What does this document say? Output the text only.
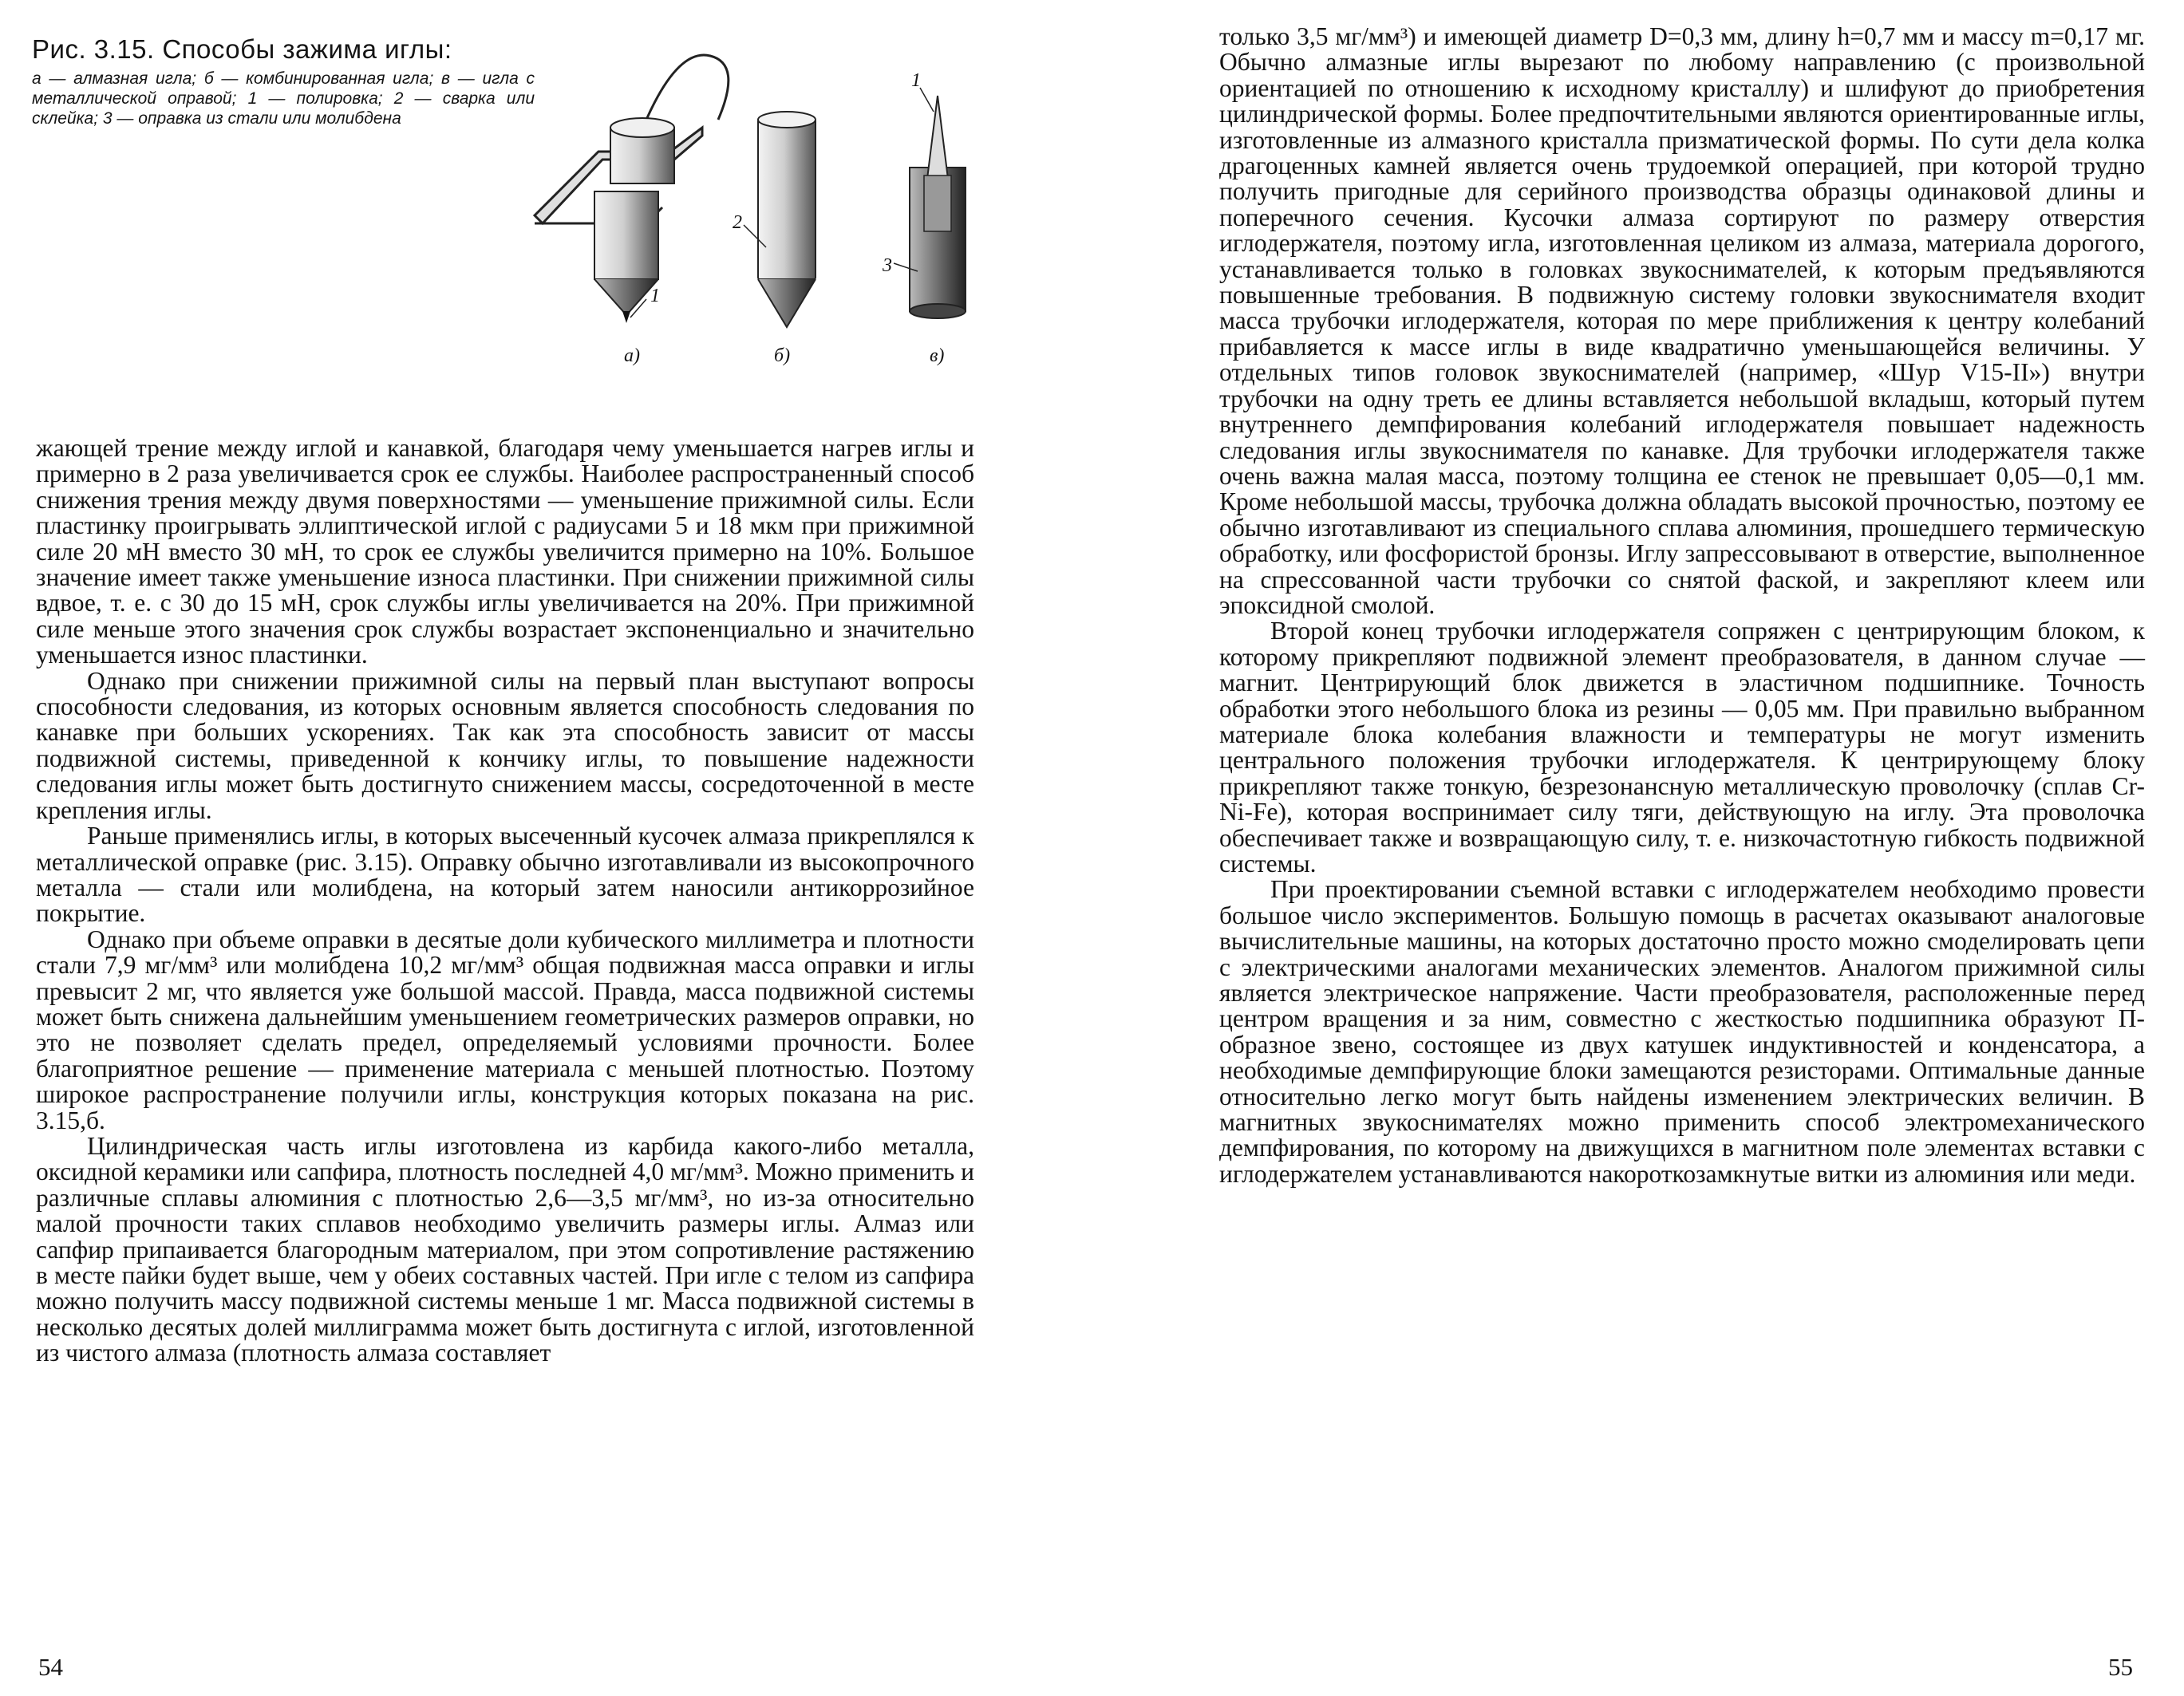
Рис. 3.15. Способы зажима иглы:
а — алмазная игла; б — комбинированная игла; в — игла с металлической оправой; 1 — полировка; 2 — сварка или склейка; 3 — оправка из стали или молибдена
а)	б)	в)
1
2
3
1

жающей трение между иглой и канавкой, благодаря чему уменьшается нагрев иглы и примерно в 2 раза увеличивается срок ее службы. Наиболее распространенный способ снижения трения между двумя поверхностями — уменьшение прижимной силы. Если пластинку проигрывать эллиптической иглой с радиусами 5 и 18 мкм при прижимной силе 20 мН вместо 30 мН, то срок ее службы увеличится примерно на 10%. Большое значение имеет также уменьшение износа пластинки. При снижении прижимной силы вдвое, т. е. с 30 до 15 мН, срок службы иглы увеличивается на 20%. При прижимной силе меньше этого значения срок службы возрастает экспоненциально и значительно уменьшается износ пластинки.

Однако при снижении прижимной силы на первый план выступают вопросы способности следования, из которых основным является способность следования по канавке при больших ускорениях. Так как эта способность зависит от массы подвижной системы, приведенной к кончику иглы, то повышение надежности следования иглы может быть достигнуто снижением массы, сосредоточенной в месте крепления иглы.

Раньше применялись иглы, в которых высеченный кусочек алмаза прикреплялся к металлической оправке (рис. 3.15). Оправку обычно изготавливали из высокопрочного металла — стали или молибдена, на который затем наносили антикоррозийное покрытие.

Однако при объеме оправки в десятые доли кубического миллиметра и плотности стали 7,9 мг/мм³ или молибдена 10,2 мг/мм³ общая подвижная масса оправки и иглы превысит 2 мг, что является уже большой массой. Правда, масса подвижной системы может быть снижена дальнейшим уменьшением геометрических размеров оправки, но это не позволяет сделать предел, определяемый условиями прочности. Более благоприятное решение — применение материала с меньшей плотностью. Поэтому широкое распространение получили иглы, конструкция которых показана на рис. 3.15,б.

Цилиндрическая часть иглы изготовлена из карбида какого-либо металла, оксидной керамики или сапфира, плотность последней 4,0 мг/мм³. Можно применить и различные сплавы алюминия с плотностью 2,6—3,5 мг/мм³, но из-за относительно малой прочности таких сплавов необходимо увеличить размеры иглы. Алмаз или сапфир припаивается благородным материалом, при этом сопротивление растяжению в месте пайки будет выше, чем у обеих составных частей. При игле с телом из сапфира можно получить массу подвижной системы меньше 1 мг. Масса подвижной системы в несколько десятых долей миллиграмма может быть достигнута с иглой, изготовленной из чистого алмаза (плотность алмаза составляет

54

только 3,5 мг/мм³) и имеющей диаметр D=0,3 мм, длину h=0,7 мм и массу m=0,17 мг. Обычно алмазные иглы вырезают по любому направлению (с произвольной ориентацией по отношению к исходному кристаллу) и шлифуют до приобретения цилиндрической формы. Более предпочтительными являются ориентированные иглы, изготовленные из алмазного кристалла призматической формы. По сути дела колка драгоценных камней является очень трудоемкой операцией, при которой трудно получить пригодные для серийного производства образцы одинаковой длины и поперечного сечения. Кусочки алмаза сортируют по размеру отверстия иглодержателя, поэтому игла, изготовленная целиком из алмаза, материала дорогого, устанавливается только в головках звукоснимателей, к которым предъявляются повышенные требования. В подвижную систему головки звукоснимателя входит масса трубочки иглодержателя, которая по мере приближения к центру колебаний прибавляется к массе иглы в виде квадратично уменьшающейся величины. У отдельных типов головок звукоснимателей (например, «Шур V15-II») внутри трубочки на одну треть ее длины вставляется небольшой вкладыш, который путем внутреннего демпфирования колебаний иглодержателя повышает надежность следования иглы звукоснимателя по канавке. Для трубочки иглодержателя также очень важна малая масса, поэтому толщина ее стенок не превышает 0,05—0,1 мм. Кроме небольшой массы, трубочка должна обладать высокой прочностью, поэтому ее обычно изготавливают из специального сплава алюминия, прошедшего термическую обработку, или фосфористой бронзы. Иглу запрессовывают в отверстие, выполненное на спрессованной части трубочки со снятой фаской, и закрепляют клеем или эпоксидной смолой.

Второй конец трубочки иглодержателя сопряжен с центрирующим блоком, к которому прикрепляют подвижной элемент преобразователя, в данном случае — магнит. Центрирующий блок движется в эластичном подшипнике. Точность обработки этого небольшого блока из резины — 0,05 мм. При правильно выбранном материале блока колебания влажности и температуры не могут изменить центрального положения трубочки иглодержателя. К центрирующему блоку прикрепляют также тонкую, безрезонансную металлическую проволочку (сплав Cr-Ni-Fe), которая воспринимает силу тяги, действующую на иглу. Эта проволочка обеспечивает также и возвращающую силу, т. е. низкочастотную гибкость подвижной системы.

При проектировании съемной вставки с иглодержателем необходимо провести большое число экспериментов. Большую помощь в расчетах оказывают аналоговые вычислительные машины, на которых достаточно просто можно смоделировать цепи с электрическими аналогами механических элементов. Аналогом прижимной силы является электрическое напряжение. Части преобразователя, расположенные перед центром вращения и за ним, совместно с жесткостью подшипника образуют П-образное звено, состоящее из двух катушек индуктивностей и конденсатора, а необходимые демпфирующие блоки замещаются резисторами. Оптимальные данные относительно легко могут быть найдены изменением электрических величин. В магнитных звукоснимателях можно применить способ электромеханического демпфирования, по которому на движущихся в магнитном поле элементах вставки с иглодержателем устанавливаются накороткозамкнутые витки из алюминия или меди.

55
